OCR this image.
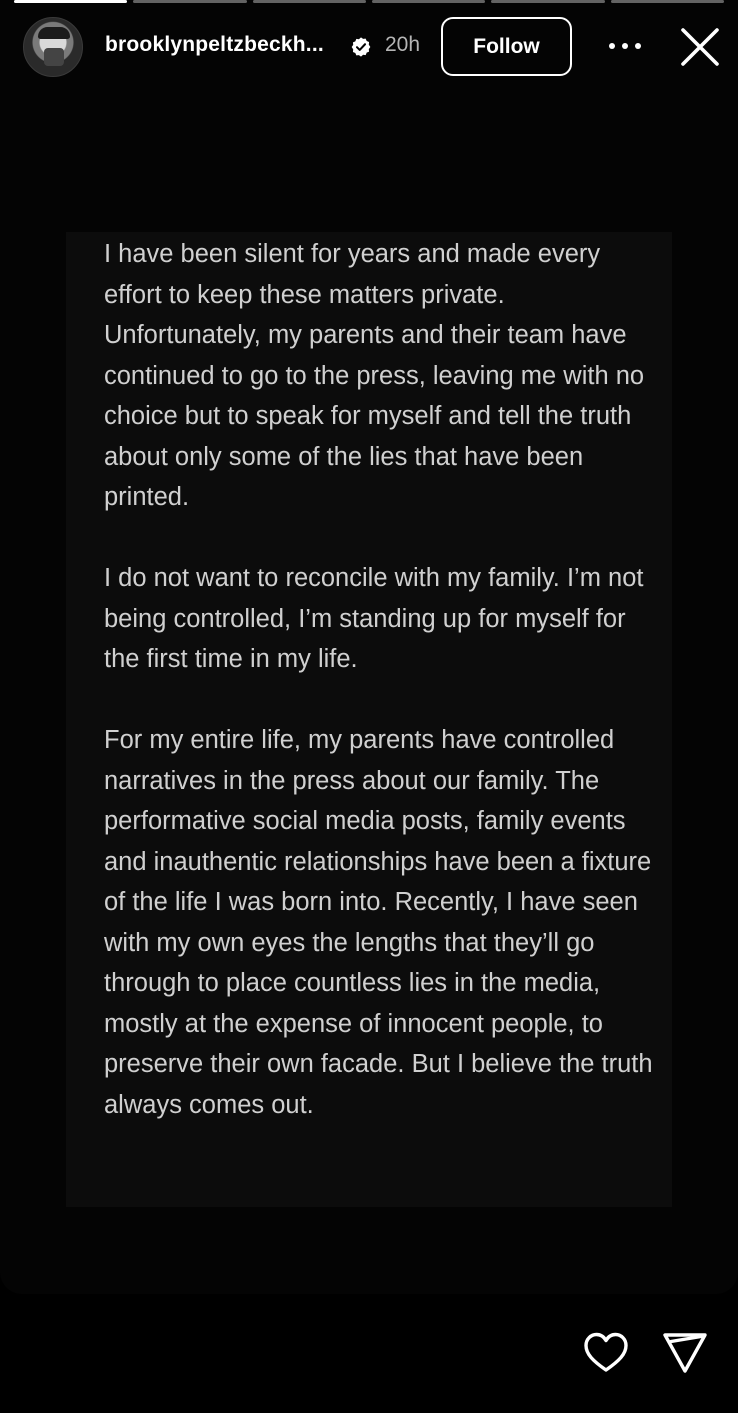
brooklynpeltzbeckh...	20h	Follow

I have been silent for years and made every effort to keep these matters private. Unfortunately, my parents and their team have continued to go to the press, leaving me with no choice but to speak for myself and tell the truth about only some of the lies that have been printed.

I do not want to reconcile with my family. I’m not being controlled, I’m standing up for myself for the first time in my life.

For my entire life, my parents have controlled narratives in the press about our family. The performative social media posts, family events and inauthentic relationships have been a fixture of the life I was born into. Recently, I have seen with my own eyes the lengths that they’ll go through to place countless lies in the media, mostly at the expense of innocent people, to preserve their own facade. But I believe the truth always comes out.
